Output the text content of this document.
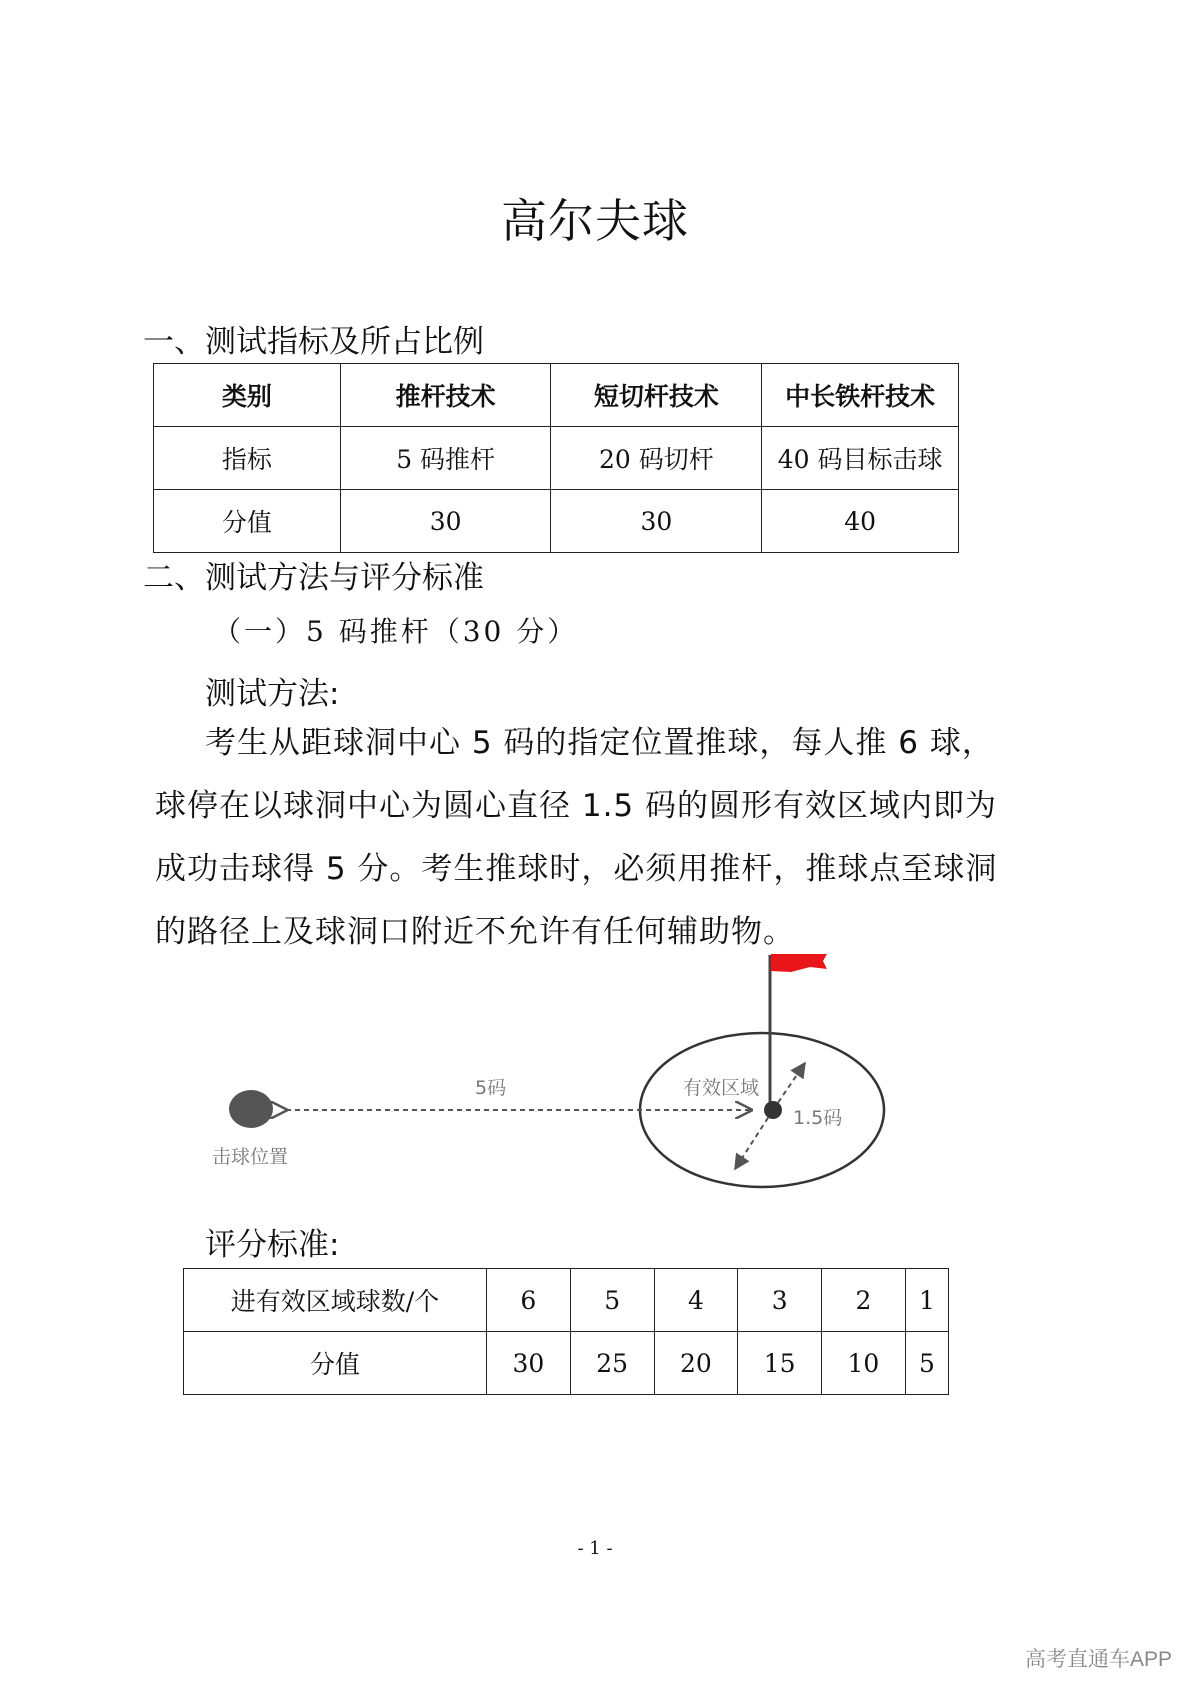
高尔夫球
一、测试指标及所占比例
类别	推杆技术	短切杆技术	中长铁杆技术
指标	5 码推杆	20 码切杆	40 码目标击球
分值	30	30	40
二、测试方法与评分标准
（一）5 码推杆（30 分）
测试方法:
考生从距球洞中心 5 码的指定位置推球，每人推 6 球，
球停在以球洞中心为圆心直径 1.5 码的圆形有效区域内即为
成功击球得 5 分。考生推球时，必须用推杆，推球点至球洞
的路径上及球洞口附近不允许有任何辅助物。
5码	有效区域
1.5码
击球位置
评分标准:
进有效区域球数/个	6	5	4	3	2	1
分值	30	25	20	15	10	5
- 1 -
高考直通车APP
